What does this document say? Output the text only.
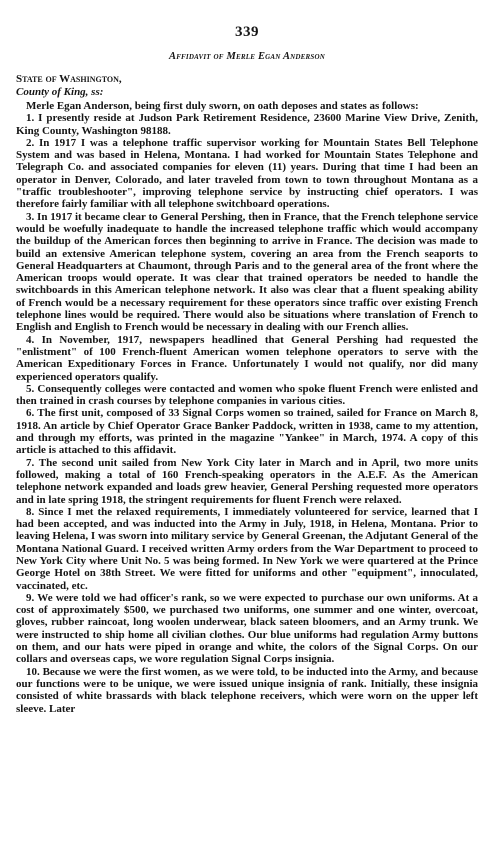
339
Affidavit of Merle Egan Anderson
State of Washington,
County of King, ss:

Merle Egan Anderson, being first duly sworn, on oath deposes and states as follows:

1. I presently reside at Judson Park Retirement Residence, 23600 Marine View Drive, Zenith, King County, Washington 98188.

2. In 1917 I was a telephone traffic supervisor working for Mountain States Bell Telephone System and was based in Helena, Montana. I had worked for Mountain States Telephone and Telegraph Co. and associated companies for eleven (11) years. During that time I had been an operator in Denver, Colorado, and later traveled from town to town throughout Montana as a "traffic troubleshooter", improving telephone service by instructing chief operators. I was therefore fairly familiar with all telephone switchboard operations.

3. In 1917 it became clear to General Pershing, then in France, that the French telephone service would be woefully inadequate to handle the increased telephone traffic which would accompany the buildup of the American forces then beginning to arrive in France. The decision was made to build an extensive American telephone system, covering an area from the French seaports to General Headquarters at Chaumont, through Paris and to the general area of the front where the American troops would operate. It was clear that trained operators be needed to handle the switchboards in this American telephone network. It also was clear that a fluent speaking ability of French would be a necessary requirement for these operators since traffic over existing French telephone lines would be required. There would also be situations where translation of French to English and English to French would be necessary in dealing with our French allies.

4. In November, 1917, newspapers headlined that General Pershing had requested the "enlistment" of 100 French-fluent American women telephone operators to serve with the American Expeditionary Forces in France. Unfortunately I would not qualify, nor did many experienced operators qualify.

5. Consequently colleges were contacted and women who spoke fluent French were enlisted and then trained in crash courses by telephone companies in various cities.

6. The first unit, composed of 33 Signal Corps women so trained, sailed for France on March 8, 1918. An article by Chief Operator Grace Banker Paddock, written in 1938, came to my attention, and through my efforts, was printed in the magazine "Yankee" in March, 1974. A copy of this article is attached to this affidavit.

7. The second unit sailed from New York City later in March and in April, two more units followed, making a total of 160 French-speaking operators in the A.E.F. As the American telephone network expanded and loads grew heavier, General Pershing requested more operators and in late spring 1918, the stringent requirements for fluent French were relaxed.

8. Since I met the relaxed requirements, I immediately volunteered for service, learned that I had been accepted, and was inducted into the Army in July, 1918, in Helena, Montana. Prior to leaving Helena, I was sworn into military service by General Greenan, the Adjutant General of the Montana National Guard. I received written Army orders from the War Department to proceed to New York City where Unit No. 5 was being formed. In New York we were quartered at the Prince George Hotel on 38th Street. We were fitted for uniforms and other "equipment", innoculated, vaccinated, etc.

9. We were told we had officer's rank, so we were expected to purchase our own uniforms. At a cost of approximately $500, we purchased two uniforms, one summer and one winter, overcoat, gloves, rubber raincoat, long woolen underwear, black sateen bloomers, and an Army trunk. We were instructed to ship home all civilian clothes. Our blue uniforms had regulation Army buttons on them, and our hats were piped in orange and white, the colors of the Signal Corps. On our collars and overseas caps, we wore regulation Signal Corps insignia.

10. Because we were the first women, as we were told, to be inducted into the Army, and because our functions were to be unique, we were issued unique insignia of rank. Initially, these insignia consisted of white brassards with black telephone receivers, which were worn on the upper left sleeve. Later
